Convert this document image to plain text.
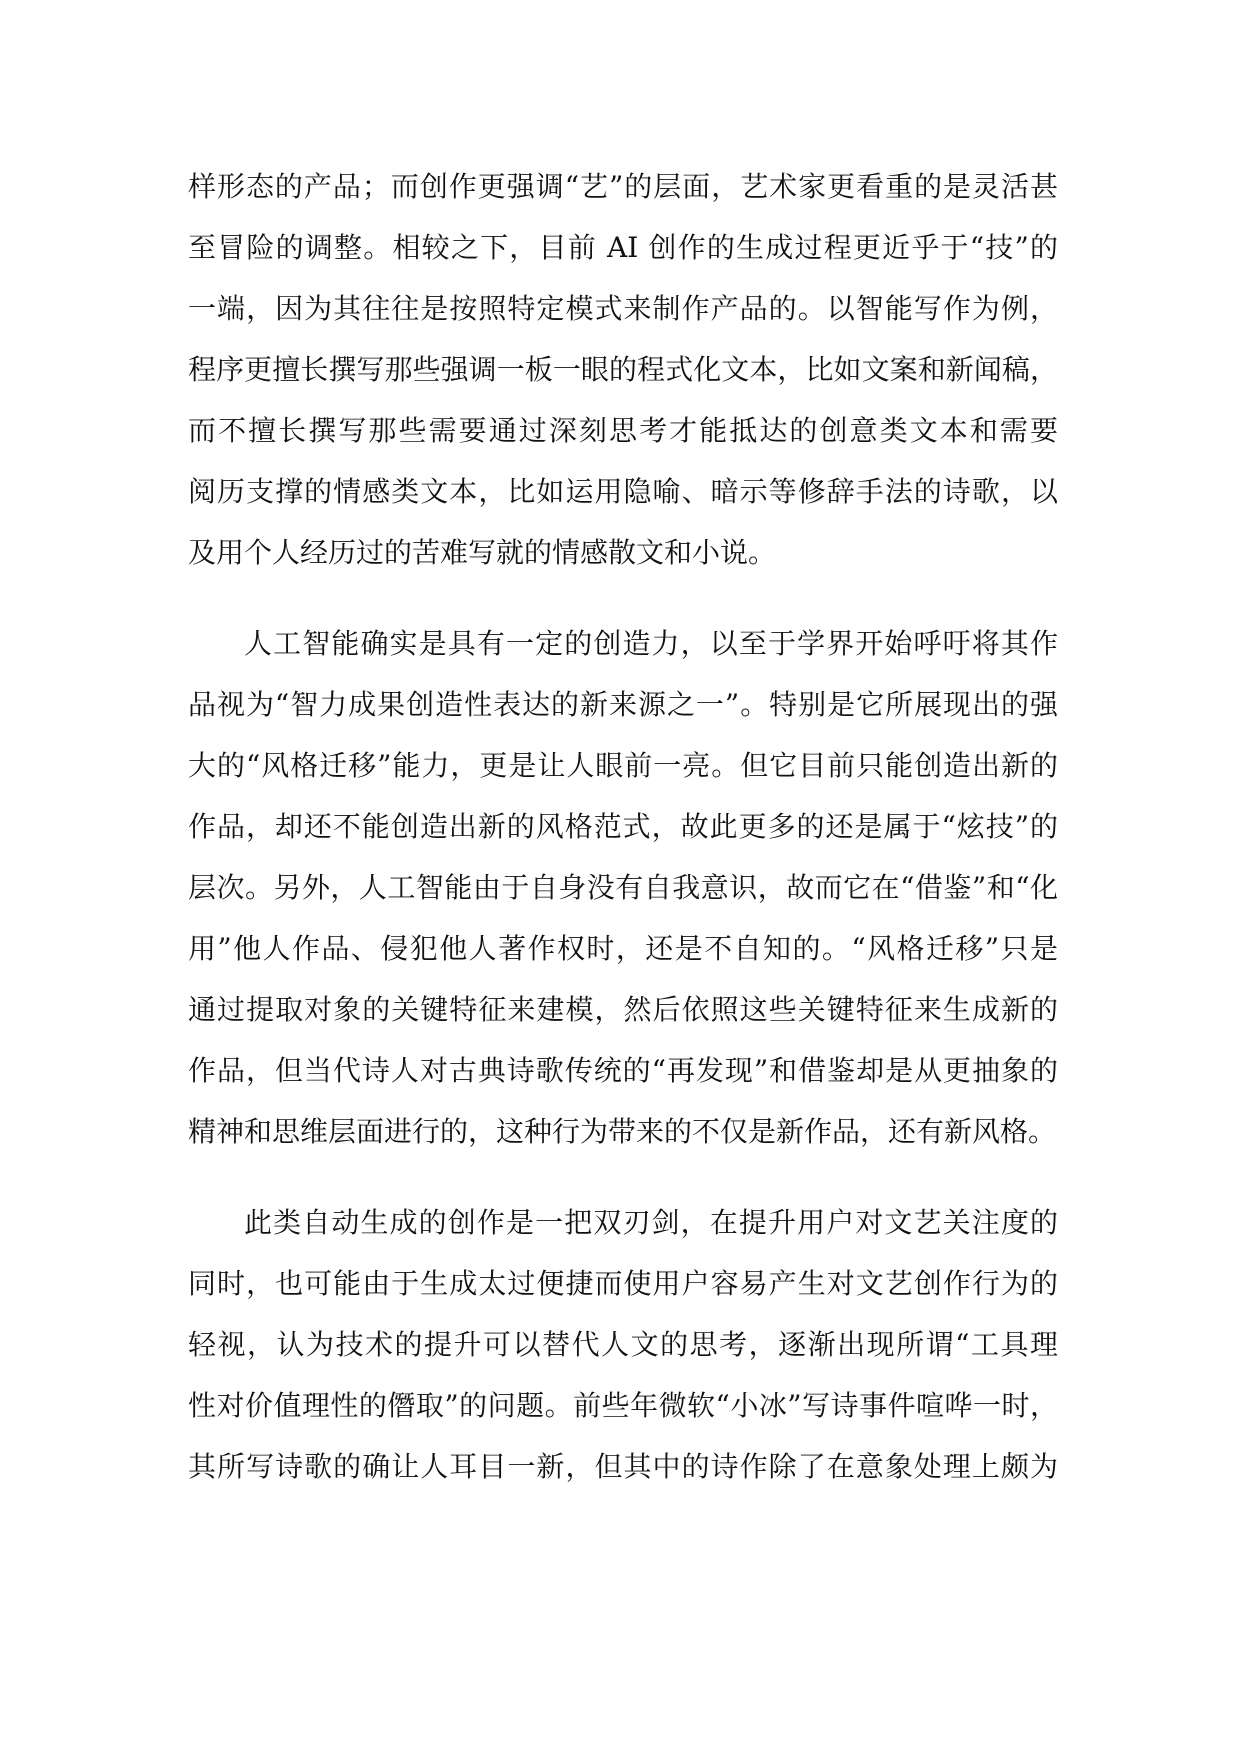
样形态的产品；而创作更强调“艺”的层面，艺术家更看重的是灵活甚
至冒险的调整。相较之下，目前 AI 创作的生成过程更近乎于“技”的
一端，因为其往往是按照特定模式来制作产品的。以智能写作为例，
程序更擅长撰写那些强调一板一眼的程式化文本，比如文案和新闻稿，
而不擅长撰写那些需要通过深刻思考才能抵达的创意类文本和需要
阅历支撑的情感类文本，比如运用隐喻、暗示等修辞手法的诗歌，以
及用个人经历过的苦难写就的情感散文和小说。
人工智能确实是具有一定的创造力，以至于学界开始呼吁将其作
品视为“智力成果创造性表达的新来源之一”。特别是它所展现出的强
大的“风格迁移”能力，更是让人眼前一亮。但它目前只能创造出新的
作品，却还不能创造出新的风格范式，故此更多的还是属于“炫技”的
层次。另外，人工智能由于自身没有自我意识，故而它在“借鉴”和“化
用”他人作品、侵犯他人著作权时，还是不自知的。“风格迁移”只是
通过提取对象的关键特征来建模，然后依照这些关键特征来生成新的
作品，但当代诗人对古典诗歌传统的“再发现”和借鉴却是从更抽象的
精神和思维层面进行的，这种行为带来的不仅是新作品，还有新风格。
此类自动生成的创作是一把双刃剑，在提升用户对文艺关注度的
同时，也可能由于生成太过便捷而使用户容易产生对文艺创作行为的
轻视，认为技术的提升可以替代人文的思考，逐渐出现所谓“工具理
性对价值理性的僭取”的问题。前些年微软“小冰”写诗事件喧哗一时，
其所写诗歌的确让人耳目一新，但其中的诗作除了在意象处理上颇为
